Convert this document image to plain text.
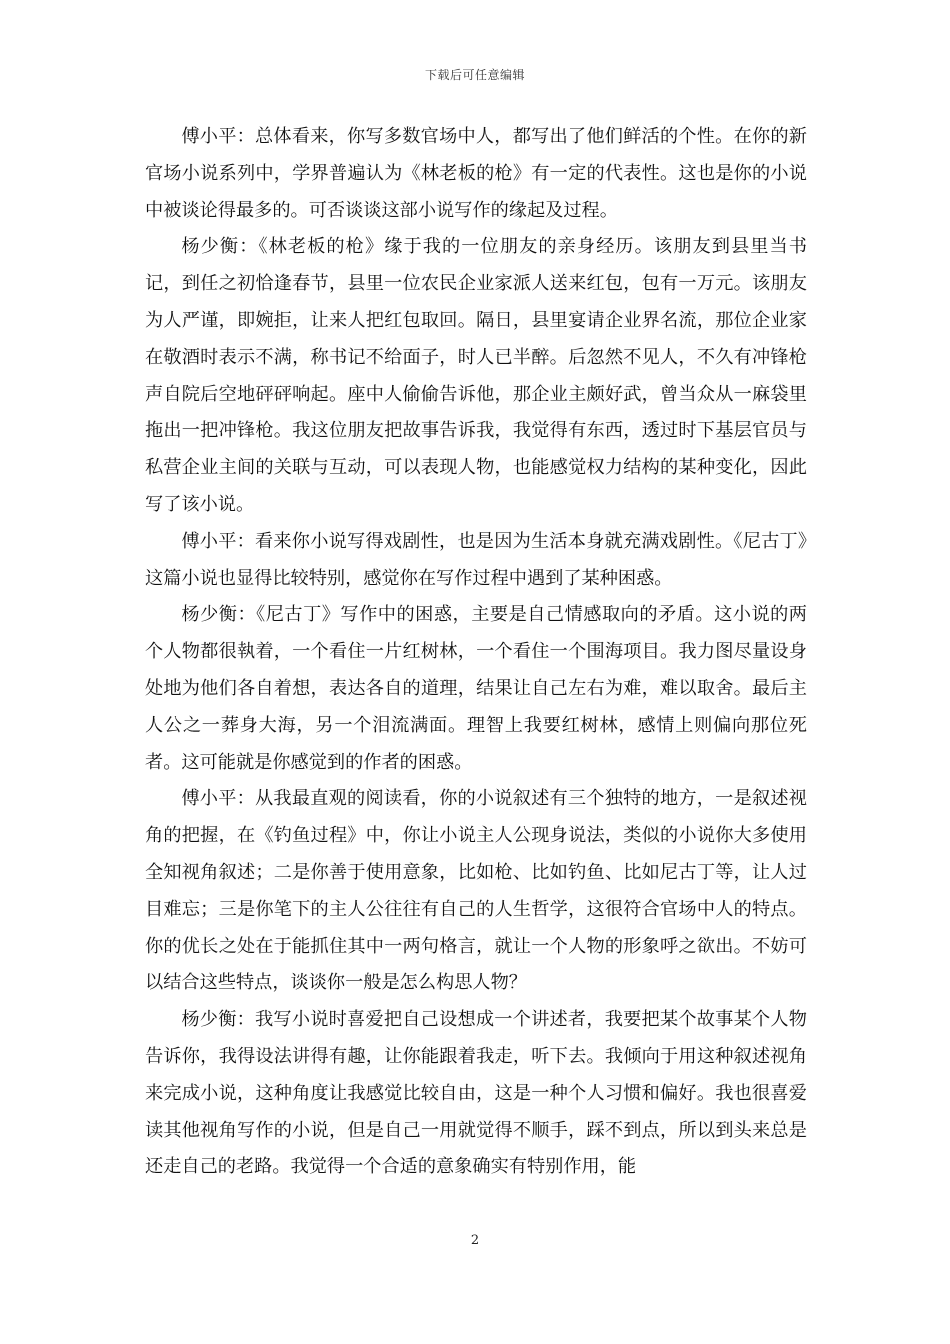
下载后可任意编辑

傅小平：总体看来，你写多数官场中人，都写出了他们鲜活的个性。在你的新官场小说系列中，学界普遍认为《林老板的枪》有一定的代表性。这也是你的小说中被谈论得最多的。可否谈谈这部小说写作的缘起及过程。

杨少衡：《林老板的枪》缘于我的一位朋友的亲身经历。该朋友到县里当书记，到任之初恰逢春节，县里一位农民企业家派人送来红包，包有一万元。该朋友为人严谨，即婉拒，让来人把红包取回。隔日，县里宴请企业界名流，那位企业家在敬酒时表示不满，称书记不给面子，时人已半醉。后忽然不见人，不久有冲锋枪声自院后空地砰砰响起。座中人偷偷告诉他，那企业主颇好武，曾当众从一麻袋里拖出一把冲锋枪。我这位朋友把故事告诉我，我觉得有东西，透过时下基层官员与私营企业主间的关联与互动，可以表现人物，也能感觉权力结构的某种变化，因此写了该小说。

傅小平：看来你小说写得戏剧性，也是因为生活本身就充满戏剧性。《尼古丁》这篇小说也显得比较特别，感觉你在写作过程中遇到了某种困惑。

杨少衡：《尼古丁》写作中的困惑，主要是自己情感取向的矛盾。这小说的两个人物都很執着，一个看住一片红树林，一个看住一个围海项目。我力图尽量设身处地为他们各自着想，表达各自的道理，结果让自己左右为难，难以取舍。最后主人公之一葬身大海，另一个泪流满面。理智上我要红树林，感情上则偏向那位死者。这可能就是你感觉到的作者的困惑。

傅小平：从我最直观的阅读看，你的小说叙述有三个独特的地方，一是叙述视角的把握，在《钓鱼过程》中，你让小说主人公现身说法，类似的小说你大多使用全知视角叙述；二是你善于使用意象，比如枪、比如钓鱼、比如尼古丁等，让人过目难忘；三是你笔下的主人公往往有自己的人生哲学，这很符合官场中人的特点。你的优长之处在于能抓住其中一两句格言，就让一个人物的形象呼之欲出。不妨可以结合这些特点，谈谈你一般是怎么构思人物？

杨少衡：我写小说时喜爱把自己设想成一个讲述者，我要把某个故事某个人物告诉你，我得设法讲得有趣，让你能跟着我走，听下去。我倾向于用这种叙述视角来完成小说，这种角度让我感觉比较自由，这是一种个人习惯和偏好。我也很喜爱读其他视角写作的小说，但是自己一用就觉得不顺手，踩不到点，所以到头来总是还走自己的老路。我觉得一个合适的意象确实有特别作用，能

2
